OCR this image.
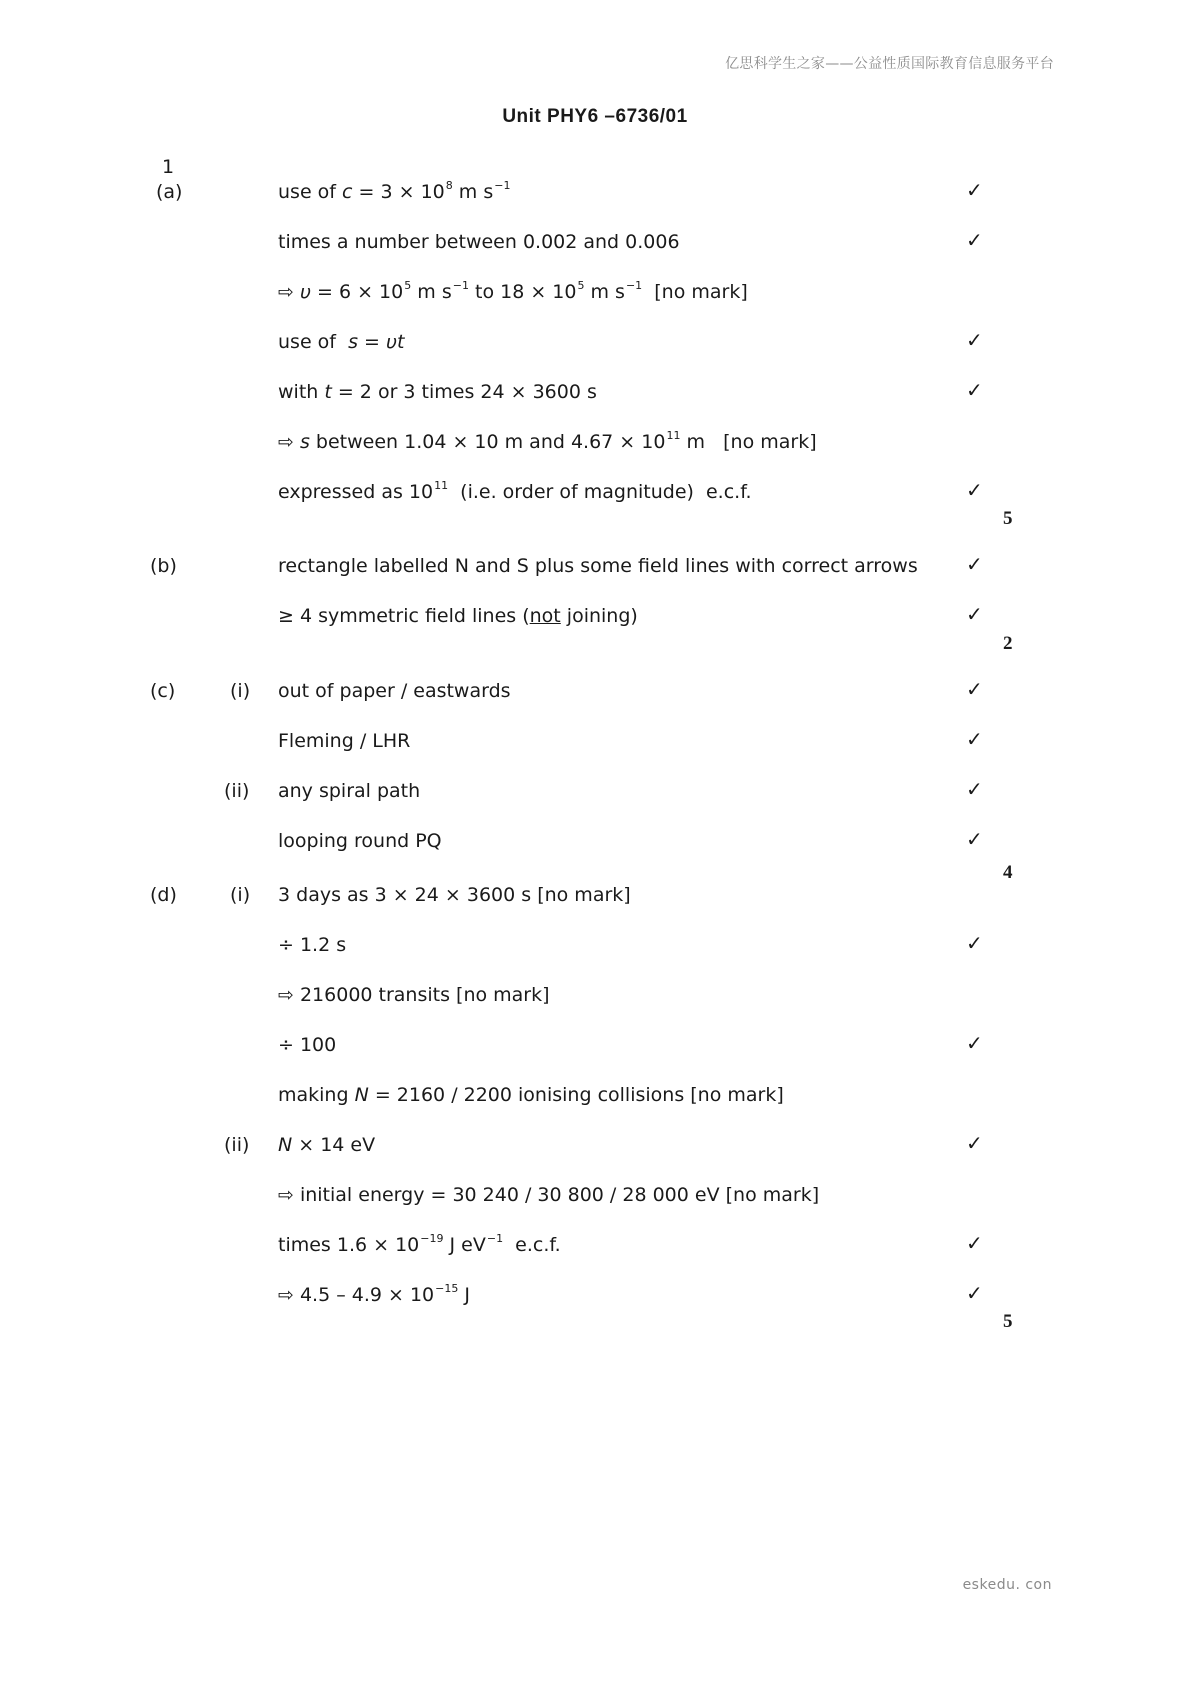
亿思科学生之家——公益性质国际教育信息服务平台
Unit PHY6 –6736/01
1
(a)
(b)
(c)	(i)
(ii)
(d)	(i)
(ii)
use of $c = 3 \times 10^8$ m $s^{-1}$
times a number between 0.002 and 0.006
⇨ $\upsilon = 6 \times 10^5$ m $s^{-1}$ to $18 \times 10^5$ m $s^{-1}$  [no mark]
use of  s = υt
with t = 2 or 3 times 24 × 3600 s
⇨ s between 1.04 × 10 m and $4.67 \times 10^{11}$ m   [no mark]
expressed as $10^{11}$  (i.e. order of magnitude)  e.c.f.
rectangle labelled N and S plus some field lines with correct arrows
≥ 4 symmetric field lines (not joining)
out of paper / eastwards
Fleming / LHR
any spiral path
looping round PQ
3 days as 3 × 24 × 3600 s [no mark]
÷ 1.2 s
⇨ 216000 transits [no mark]
÷ 100
making N = 2160 / 2200 ionising collisions [no mark]
N × 14 eV
⇨ initial energy = 30 240 / 30 800 / 28 000 eV [no mark]
times $1.6 \times 10^{-19}$ J $eV^{-1}$  e.c.f.
⇨ $4.5 - 4.9 \times 10^{-15}$ J
✓
✓
✓
✓
✓
✓
✓
✓
✓
✓
✓
✓
✓
✓
✓
✓
5
2
4
5
eskedu. con
